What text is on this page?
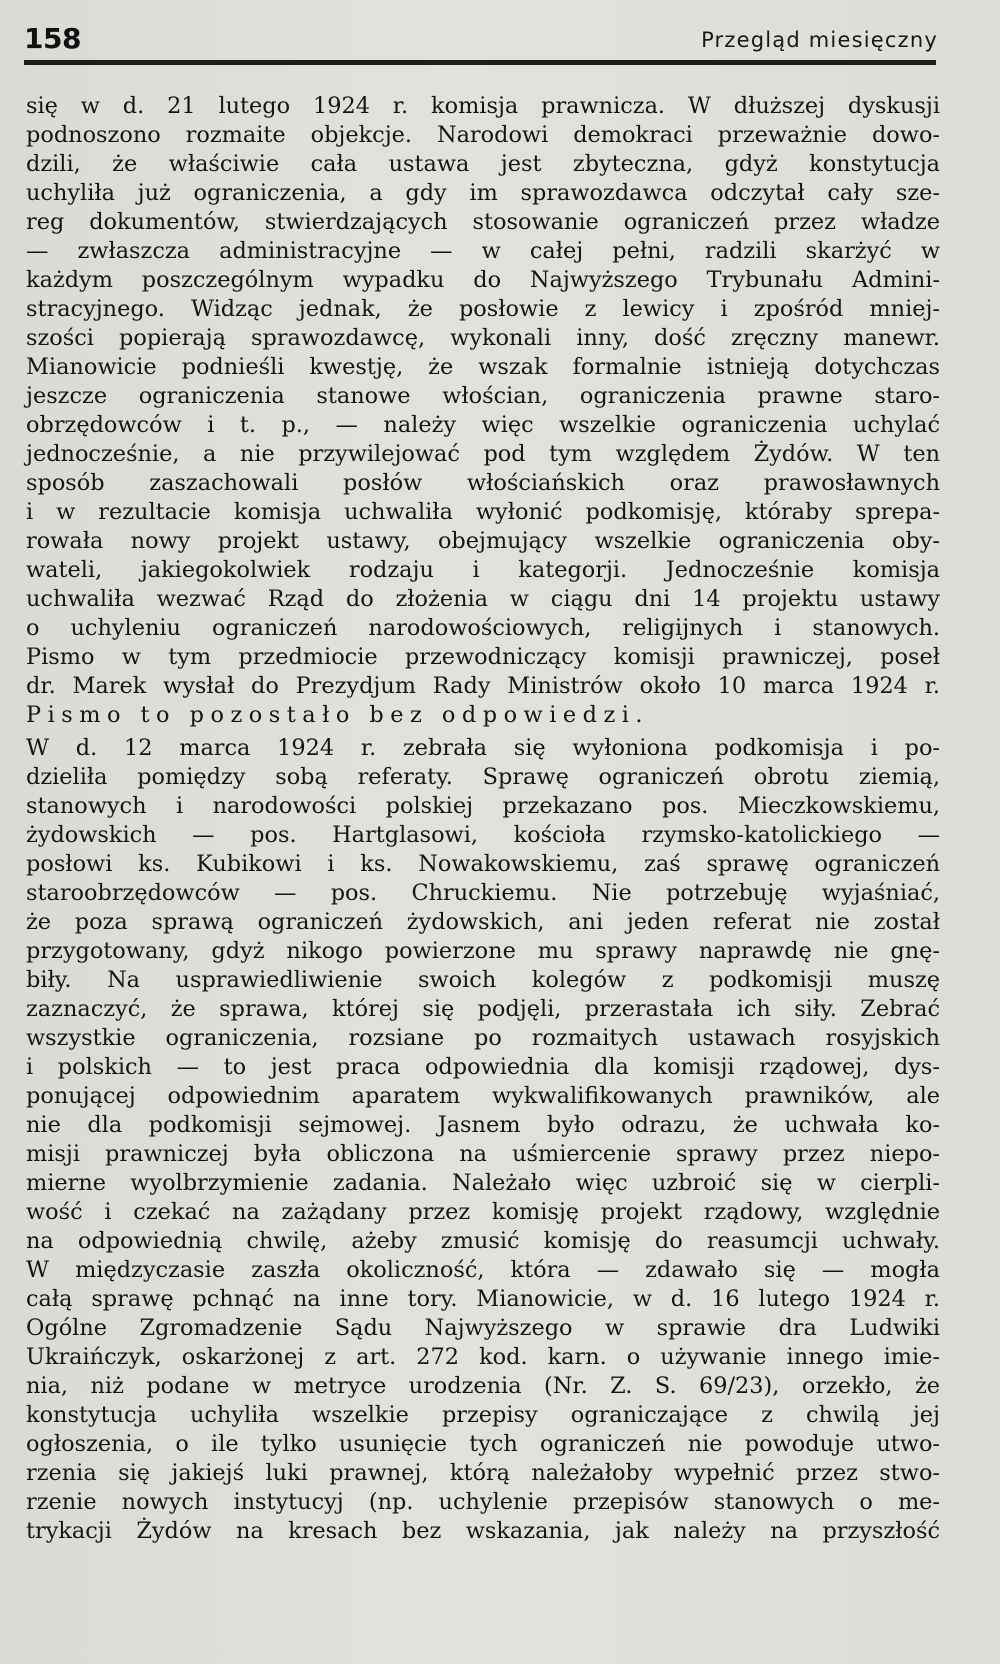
158	Przegląd miesięczny
się w d. 21 lutego 1924 r. komisja prawnicza. W dłuższej dyskusji
podnoszono rozmaite objekcje. Narodowi demokraci przeważnie dowo-
dzili, że właściwie cała ustawa jest zbyteczna, gdyż konstytucja
uchyliła już ograniczenia, a gdy im sprawozdawca odczytał cały sze-
reg dokumentów, stwierdzających stosowanie ograniczeń przez władze
— zwłaszcza administracyjne — w całej pełni, radzili skarżyć w
każdym poszczególnym wypadku do Najwyższego Trybunału Admini-
stracyjnego. Widząc jednak, że posłowie z lewicy i zpośród mniej-
szości popierają sprawozdawcę, wykonali inny, dość zręczny manewr.
Mianowicie podnieśli kwestję, że wszak formalnie istnieją dotychczas
jeszcze ograniczenia stanowe włościan, ograniczenia prawne staro-
obrzędowców i t. p., — należy więc wszelkie ograniczenia uchylać
jednocześnie, a nie przywilejować pod tym względem Żydów. W ten
sposób zaszachowali posłów włościańskich oraz prawosławnych
i w rezultacie komisja uchwaliła wyłonić podkomisję, któraby sprepa-
rowała nowy projekt ustawy, obejmujący wszelkie ograniczenia oby-
wateli, jakiegokolwiek rodzaju i kategorji. Jednocześnie komisja
uchwaliła wezwać Rząd do złożenia w ciągu dni 14 projektu ustawy
o uchyleniu ograniczeń narodowościowych, religijnych i stanowych.
Pismo w tym przedmiocie przewodniczący komisji prawniczej, poseł
dr. Marek wysłał do Prezydjum Rady Ministrów około 10 marca 1924 r.
Pismo to pozostało bez odpowiedzi.
W d. 12 marca 1924 r. zebrała się wyłoniona podkomisja i po-
dzieliła pomiędzy sobą referaty. Sprawę ograniczeń obrotu ziemią,
stanowych i narodowości polskiej przekazano pos. Mieczkowskiemu,
żydowskich — pos. Hartglasowi, kościoła rzymsko-katolickiego —
posłowi ks. Kubikowi i ks. Nowakowskiemu, zaś sprawę ograniczeń
staroobrzędowców — pos. Chruckiemu. Nie potrzebuję wyjaśniać,
że poza sprawą ograniczeń żydowskich, ani jeden referat nie został
przygotowany, gdyż nikogo powierzone mu sprawy naprawdę nie gnę-
biły. Na usprawiedliwienie swoich kolegów z podkomisji muszę
zaznaczyć, że sprawa, której się podjęli, przerastała ich siły. Zebrać
wszystkie ograniczenia, rozsiane po rozmaitych ustawach rosyjskich
i polskich — to jest praca odpowiednia dla komisji rządowej, dys-
ponującej odpowiednim aparatem wykwalifikowanych prawników, ale
nie dla podkomisji sejmowej. Jasnem było odrazu, że uchwała ko-
misji prawniczej była obliczona na uśmiercenie sprawy przez niepo-
mierne wyolbrzymienie zadania. Należało więc uzbroić się w cierpli-
wość i czekać na zażądany przez komisję projekt rządowy, względnie
na odpowiednią chwilę, ażeby zmusić komisję do reasumcji uchwały.
W międzyczasie zaszła okoliczność, która — zdawało się — mogła
całą sprawę pchnąć na inne tory. Mianowicie, w d. 16 lutego 1924 r.
Ogólne Zgromadzenie Sądu Najwyższego w sprawie dra Ludwiki
Ukraińczyk, oskarżonej z art. 272 kod. karn. o używanie innego imie-
nia, niż podane w metryce urodzenia (Nr. Z. S. 69/23), orzekło, że
konstytucja uchyliła wszelkie przepisy ograniczające z chwilą jej
ogłoszenia, o ile tylko usunięcie tych ograniczeń nie powoduje utwo-
rzenia się jakiejś luki prawnej, którą należałoby wypełnić przez stwo-
rzenie nowych instytucyj (np. uchylenie przepisów stanowych o me-
trykacji Żydów na kresach bez wskazania, jak należy na przyszłość
